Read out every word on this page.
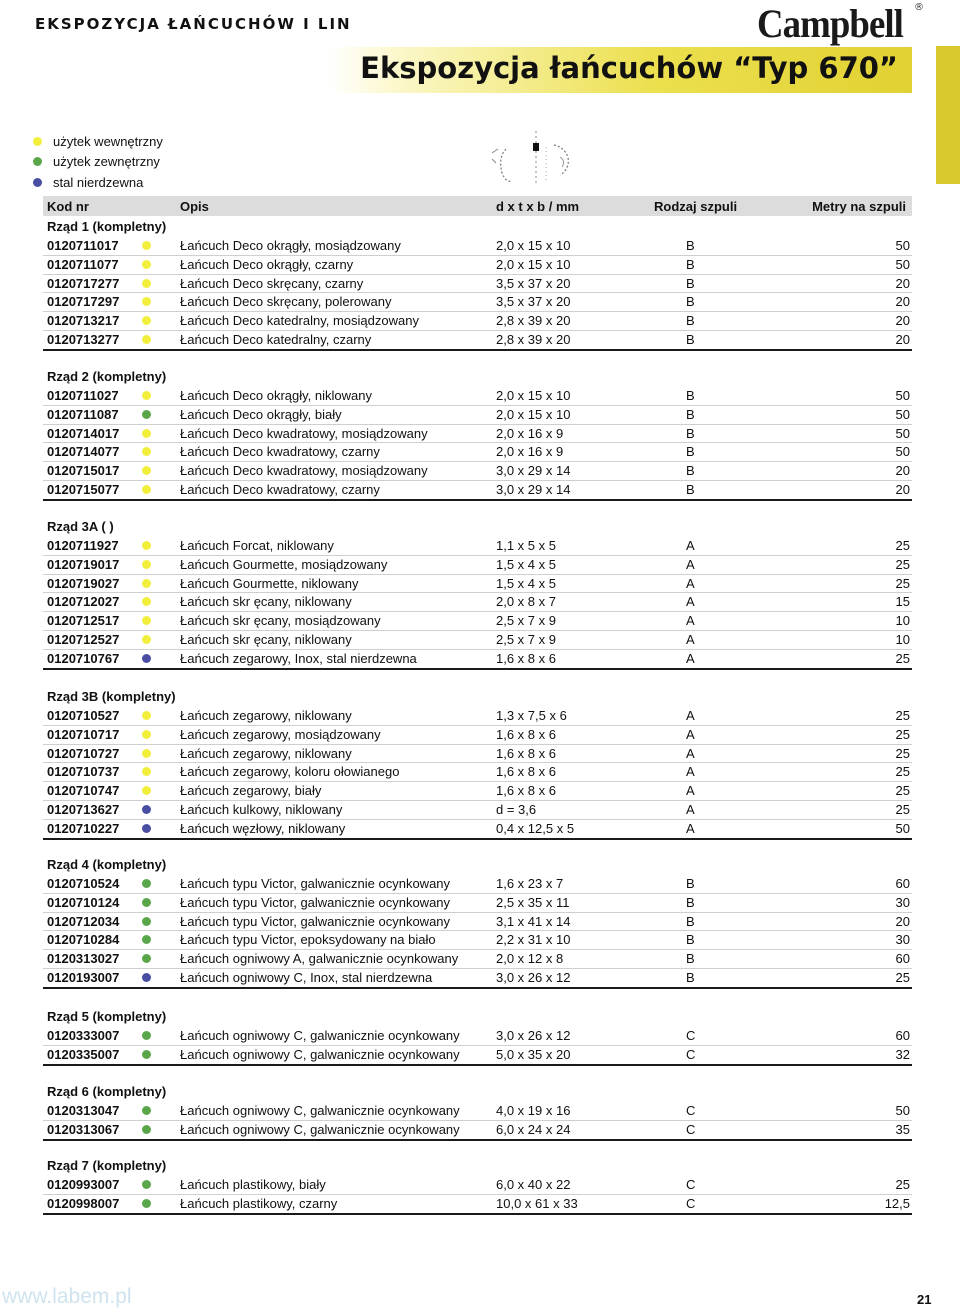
EKSPOZYCJA ŁAŃCUCHÓW I LIN	Campbell ®
Ekspozycja łańcuchów “Typ 670”
użytek wewnętrzny
użytek zewnętrzny
stal nierdzewna
Kod nr	Opis	d x t x b / mm	Rodzaj szpuli	Metry na szpuli
Rząd 1 (kompletny)
0120711017	Łańcuch Deco okrągły, mosiądzowany	2,0 x 15 x 10	B	50
0120711077	Łańcuch Deco okrągły, czarny	2,0 x 15 x 10	B	50
0120717277	Łańcuch Deco skręcany, czarny	3,5 x 37 x 20	B	20
0120717297	Łańcuch Deco skręcany, polerowany	3,5 x 37 x 20	B	20
0120713217	Łańcuch Deco katedralny, mosiądzowany	2,8 x 39 x 20	B	20
0120713277	Łańcuch Deco katedralny, czarny	2,8 x 39 x 20	B	20
Rząd 2 (kompletny)
0120711027	Łańcuch Deco okrągły, niklowany	2,0 x 15 x 10	B	50
0120711087	Łańcuch Deco okrągły, biały	2,0 x 15 x 10	B	50
0120714017	Łańcuch Deco kwadratowy, mosiądzowany	2,0 x 16 x 9	B	50
0120714077	Łańcuch Deco kwadratowy, czarny	2,0 x 16 x 9	B	50
0120715017	Łańcuch Deco kwadratowy, mosiądzowany	3,0 x 29 x 14	B	20
0120715077	Łańcuch Deco kwadratowy, czarny	3,0 x 29 x 14	B	20
Rząd 3A ( )
0120711927	Łańcuch Forcat, niklowany	1,1 x 5 x 5	A	25
0120719017	Łańcuch Gourmette, mosiądzowany	1,5 x 4 x 5	A	25
0120719027	Łańcuch Gourmette, niklowany	1,5 x 4 x 5	A	25
0120712027	Łańcuch skr ęcany, niklowany	2,0 x 8 x 7	A	15
0120712517	Łańcuch skr ęcany, mosiądzowany	2,5 x 7 x 9	A	10
0120712527	Łańcuch skr ęcany, niklowany	2,5 x 7 x 9	A	10
0120710767	Łańcuch zegarowy, Inox, stal nierdzewna	1,6 x 8 x 6	A	25
Rząd 3B (kompletny)
0120710527	Łańcuch zegarowy, niklowany	1,3 x 7,5 x 6	A	25
0120710717	Łańcuch zegarowy, mosiądzowany	1,6 x 8 x 6	A	25
0120710727	Łańcuch zegarowy, niklowany	1,6 x 8 x 6	A	25
0120710737	Łańcuch zegarowy, koloru ołowianego	1,6 x 8 x 6	A	25
0120710747	Łańcuch zegarowy, biały	1,6 x 8 x 6	A	25
0120713627	Łańcuch kulkowy, niklowany	d = 3,6	A	25
0120710227	Łańcuch węzłowy, niklowany	0,4 x 12,5 x 5	A	50
Rząd 4 (kompletny)
0120710524	Łańcuch typu Victor, galwanicznie ocynkowany	1,6 x 23 x 7	B	60
0120710124	Łańcuch typu Victor, galwanicznie ocynkowany	2,5 x 35 x 11	B	30
0120712034	Łańcuch typu Victor, galwanicznie ocynkowany	3,1 x 41 x 14	B	20
0120710284	Łańcuch typu Victor, epoksydowany na biało	2,2 x 31 x 10	B	30
0120313027	Łańcuch ogniwowy A, galwanicznie ocynkowany	2,0 x 12 x 8	B	60
0120193007	Łańcuch ogniwowy C, Inox, stal nierdzewna	3,0 x 26 x 12	B	25
Rząd 5 (kompletny)
0120333007	Łańcuch ogniwowy C, galwanicznie ocynkowany	3,0 x 26 x 12	C	60
0120335007	Łańcuch ogniwowy C, galwanicznie ocynkowany	5,0 x 35 x 20	C	32
Rząd 6 (kompletny)
0120313047	Łańcuch ogniwowy C, galwanicznie ocynkowany	4,0 x 19 x 16	C	50
0120313067	Łańcuch ogniwowy C, galwanicznie ocynkowany	6,0 x 24 x 24	C	35
Rząd 7 (kompletny)
0120993007	Łańcuch plastikowy, biały	6,0 x 40 x 22	C	25
0120998007	Łańcuch plastikowy, czarny	10,0 x 61 x 33	C	12,5
www.labem.pl	21
